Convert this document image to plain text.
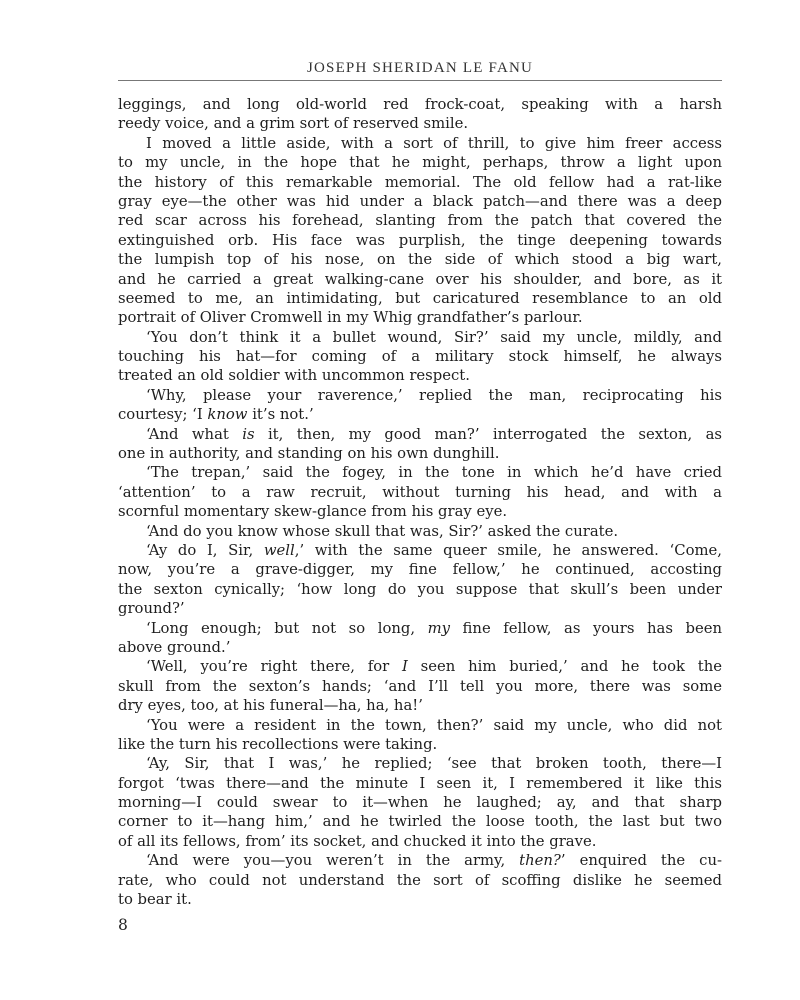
JOSEPH SHERIDAN LE FANU
leggings, and long old-world red frock-coat, speaking with a harsh
reedy voice, and a grim sort of reserved smile.
I moved a little aside, with a sort of thrill, to give him freer access
to my uncle, in the hope that he might, perhaps, throw a light upon
the history of this remarkable memorial. The old fellow had a rat-like
gray eye—the other was hid under a black patch—and there was a deep
red scar across his forehead, slanting from the patch that covered the
extinguished orb. His face was purplish, the tinge deepening towards
the lumpish top of his nose, on the side of which stood a big wart,
and he carried a great walking-cane over his shoulder, and bore, as it
seemed to me, an intimidating, but caricatured resemblance to an old
portrait of Oliver Cromwell in my Whig grandfather’s parlour.
‘You don’t think it a bullet wound, Sir?’ said my uncle, mildly, and
touching his hat—for coming of a military stock himself, he always
treated an old soldier with uncommon respect.
‘Why, please your raverence,’ replied the man, reciprocating his
courtesy; ‘I know it’s not.’
‘And what is it, then, my good man?’ interrogated the sexton, as
one in authority, and standing on his own dunghill.
‘The trepan,’ said the fogey, in the tone in which he’d have cried
‘attention’ to a raw recruit, without turning his head, and with a
scornful momentary skew-glance from his gray eye.
‘And do you know whose skull that was, Sir?’ asked the curate.
‘Ay do I, Sir, well,’ with the same queer smile, he answered. ‘Come,
now, you’re a grave-digger, my fine fellow,’ he continued, accosting
the sexton cynically; ‘how long do you suppose that skull’s been under
ground?’
‘Long enough; but not so long, my fine fellow, as yours has been
above ground.’
‘Well, you’re right there, for I seen him buried,’ and he took the
skull from the sexton’s hands; ‘and I’ll tell you more, there was some
dry eyes, too, at his funeral—ha, ha, ha!’
‘You were a resident in the town, then?’ said my uncle, who did not
like the turn his recollections were taking.
‘Ay, Sir, that I was,’ he replied; ‘see that broken tooth, there—I
forgot ‘twas there—and the minute I seen it, I remembered it like this
morning—I could swear to it—when he laughed; ay, and that sharp
corner to it—hang him,’ and he twirled the loose tooth, the last but two
of all its fellows, from’ its socket, and chucked it into the grave.
‘And were you—you weren’t in the army, then?’ enquired the cu-
rate, who could not understand the sort of scoffing dislike he seemed
to bear it.
8
